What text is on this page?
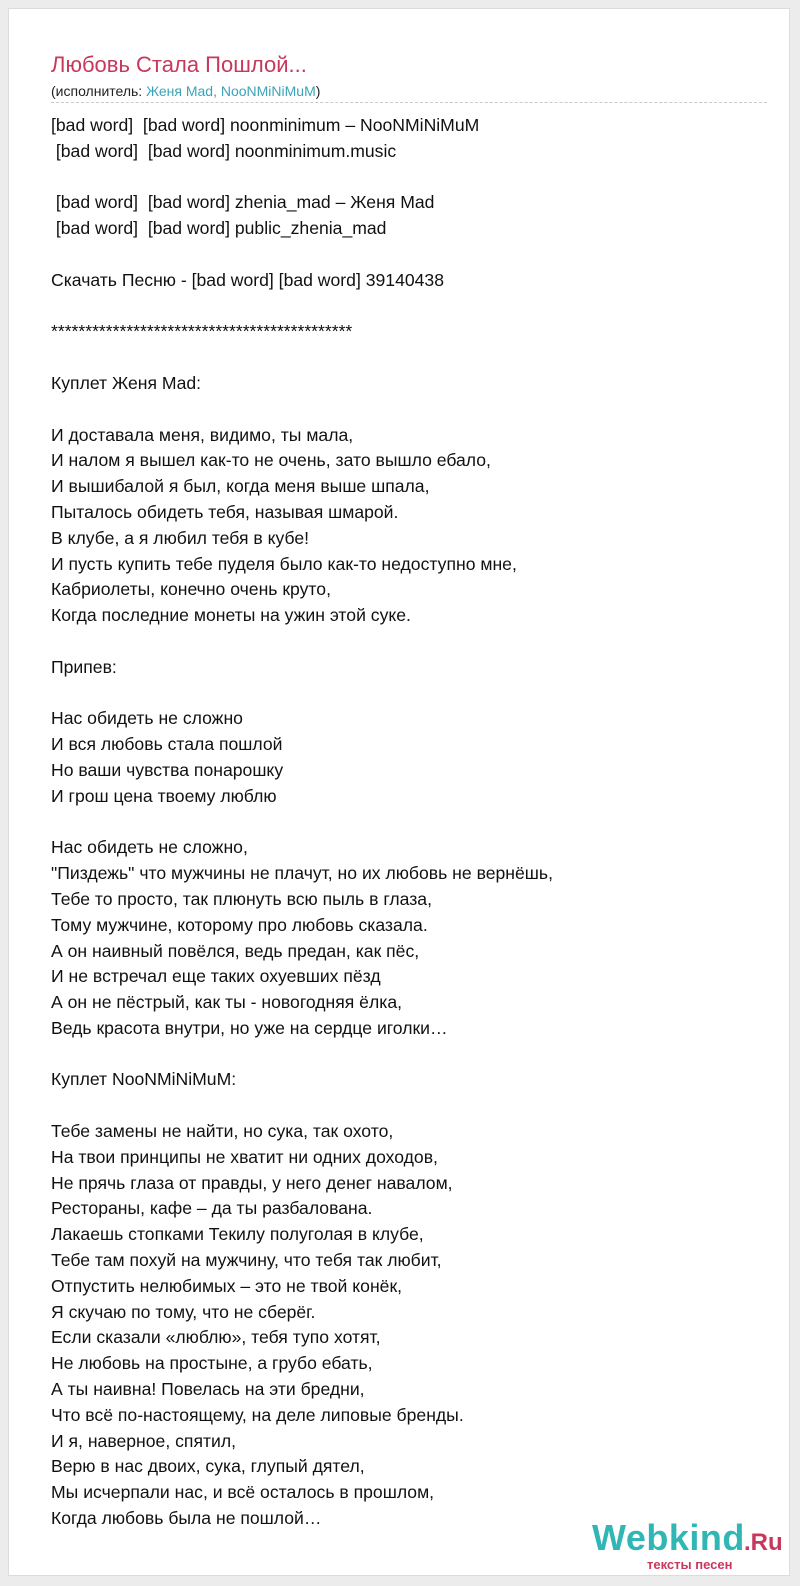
Любовь Стала Пошлой...
(исполнитель: Женя Mad, NooNMiNiMuM)
[bad word]  [bad word] noonminimum – NooNMiNiMuM
[bad word]  [bad word] noonminimum.music
[bad word]  [bad word] zhenia_mad – Женя Mad
[bad word]  [bad word] public_zhenia_mad
Скачать Песню - [bad word] [bad word] 39140438
********************************************
Куплет Женя Mad:
И доставала меня, видимо, ты мала,
И налом я вышел как-то не очень, зато вышло ебало,
И вышибалой я был, когда меня выше шпала,
Пыталось обидеть тебя, называя шмарой.
В клубе, а я любил тебя в кубе!
И пусть купить тебе пуделя было как-то недоступно мне,
Кабриолеты, конечно очень круто,
Когда последние монеты на ужин этой суке.
Припев:
Нас обидеть не сложно
И вся любовь стала пошлой
Но ваши чувства понарошку
И грош цена твоему люблю
Нас обидеть не сложно,
"Пиздежь" что мужчины не плачут, но их любовь не вернёшь,
Тебе то просто, так плюнуть всю пыль в глаза,
Тому мужчине, которому про любовь сказала.
А он наивный повёлся, ведь предан, как пёс,
И не встречал еще таких охуевших пёзд
А он не пёстрый, как ты - новогодняя ёлка,
Ведь красота внутри, но уже на сердце иголки…
Куплет NooNMiNiMuM:
Тебе замены не найти, но сука, так охото,
На твои принципы не хватит ни одних доходов,
Не прячь глаза от правды, у него денег навалом,
Рестораны, кафе – да ты разбалована.
Лакаешь стопками Текилу полуголая в клубе,
Тебе там похуй на мужчину, что тебя так любит,
Отпустить нелюбимых – это не твой конёк,
Я скучаю по тому, что не сберёг.
Если сказали «люблю», тебя тупо хотят,
Не любовь на простыне, а грубо ебать,
А ты наивна! Повелась на эти бредни,
Что всё по-настоящему, на деле липовые бренды.
И я, наверное, спятил,
Верю в нас двоих, сука, глупый дятел,
Мы исчерпали нас, и всё осталось в прошлом,
Когда любовь была не пошлой…	Webkind .Ru
тексты песен
